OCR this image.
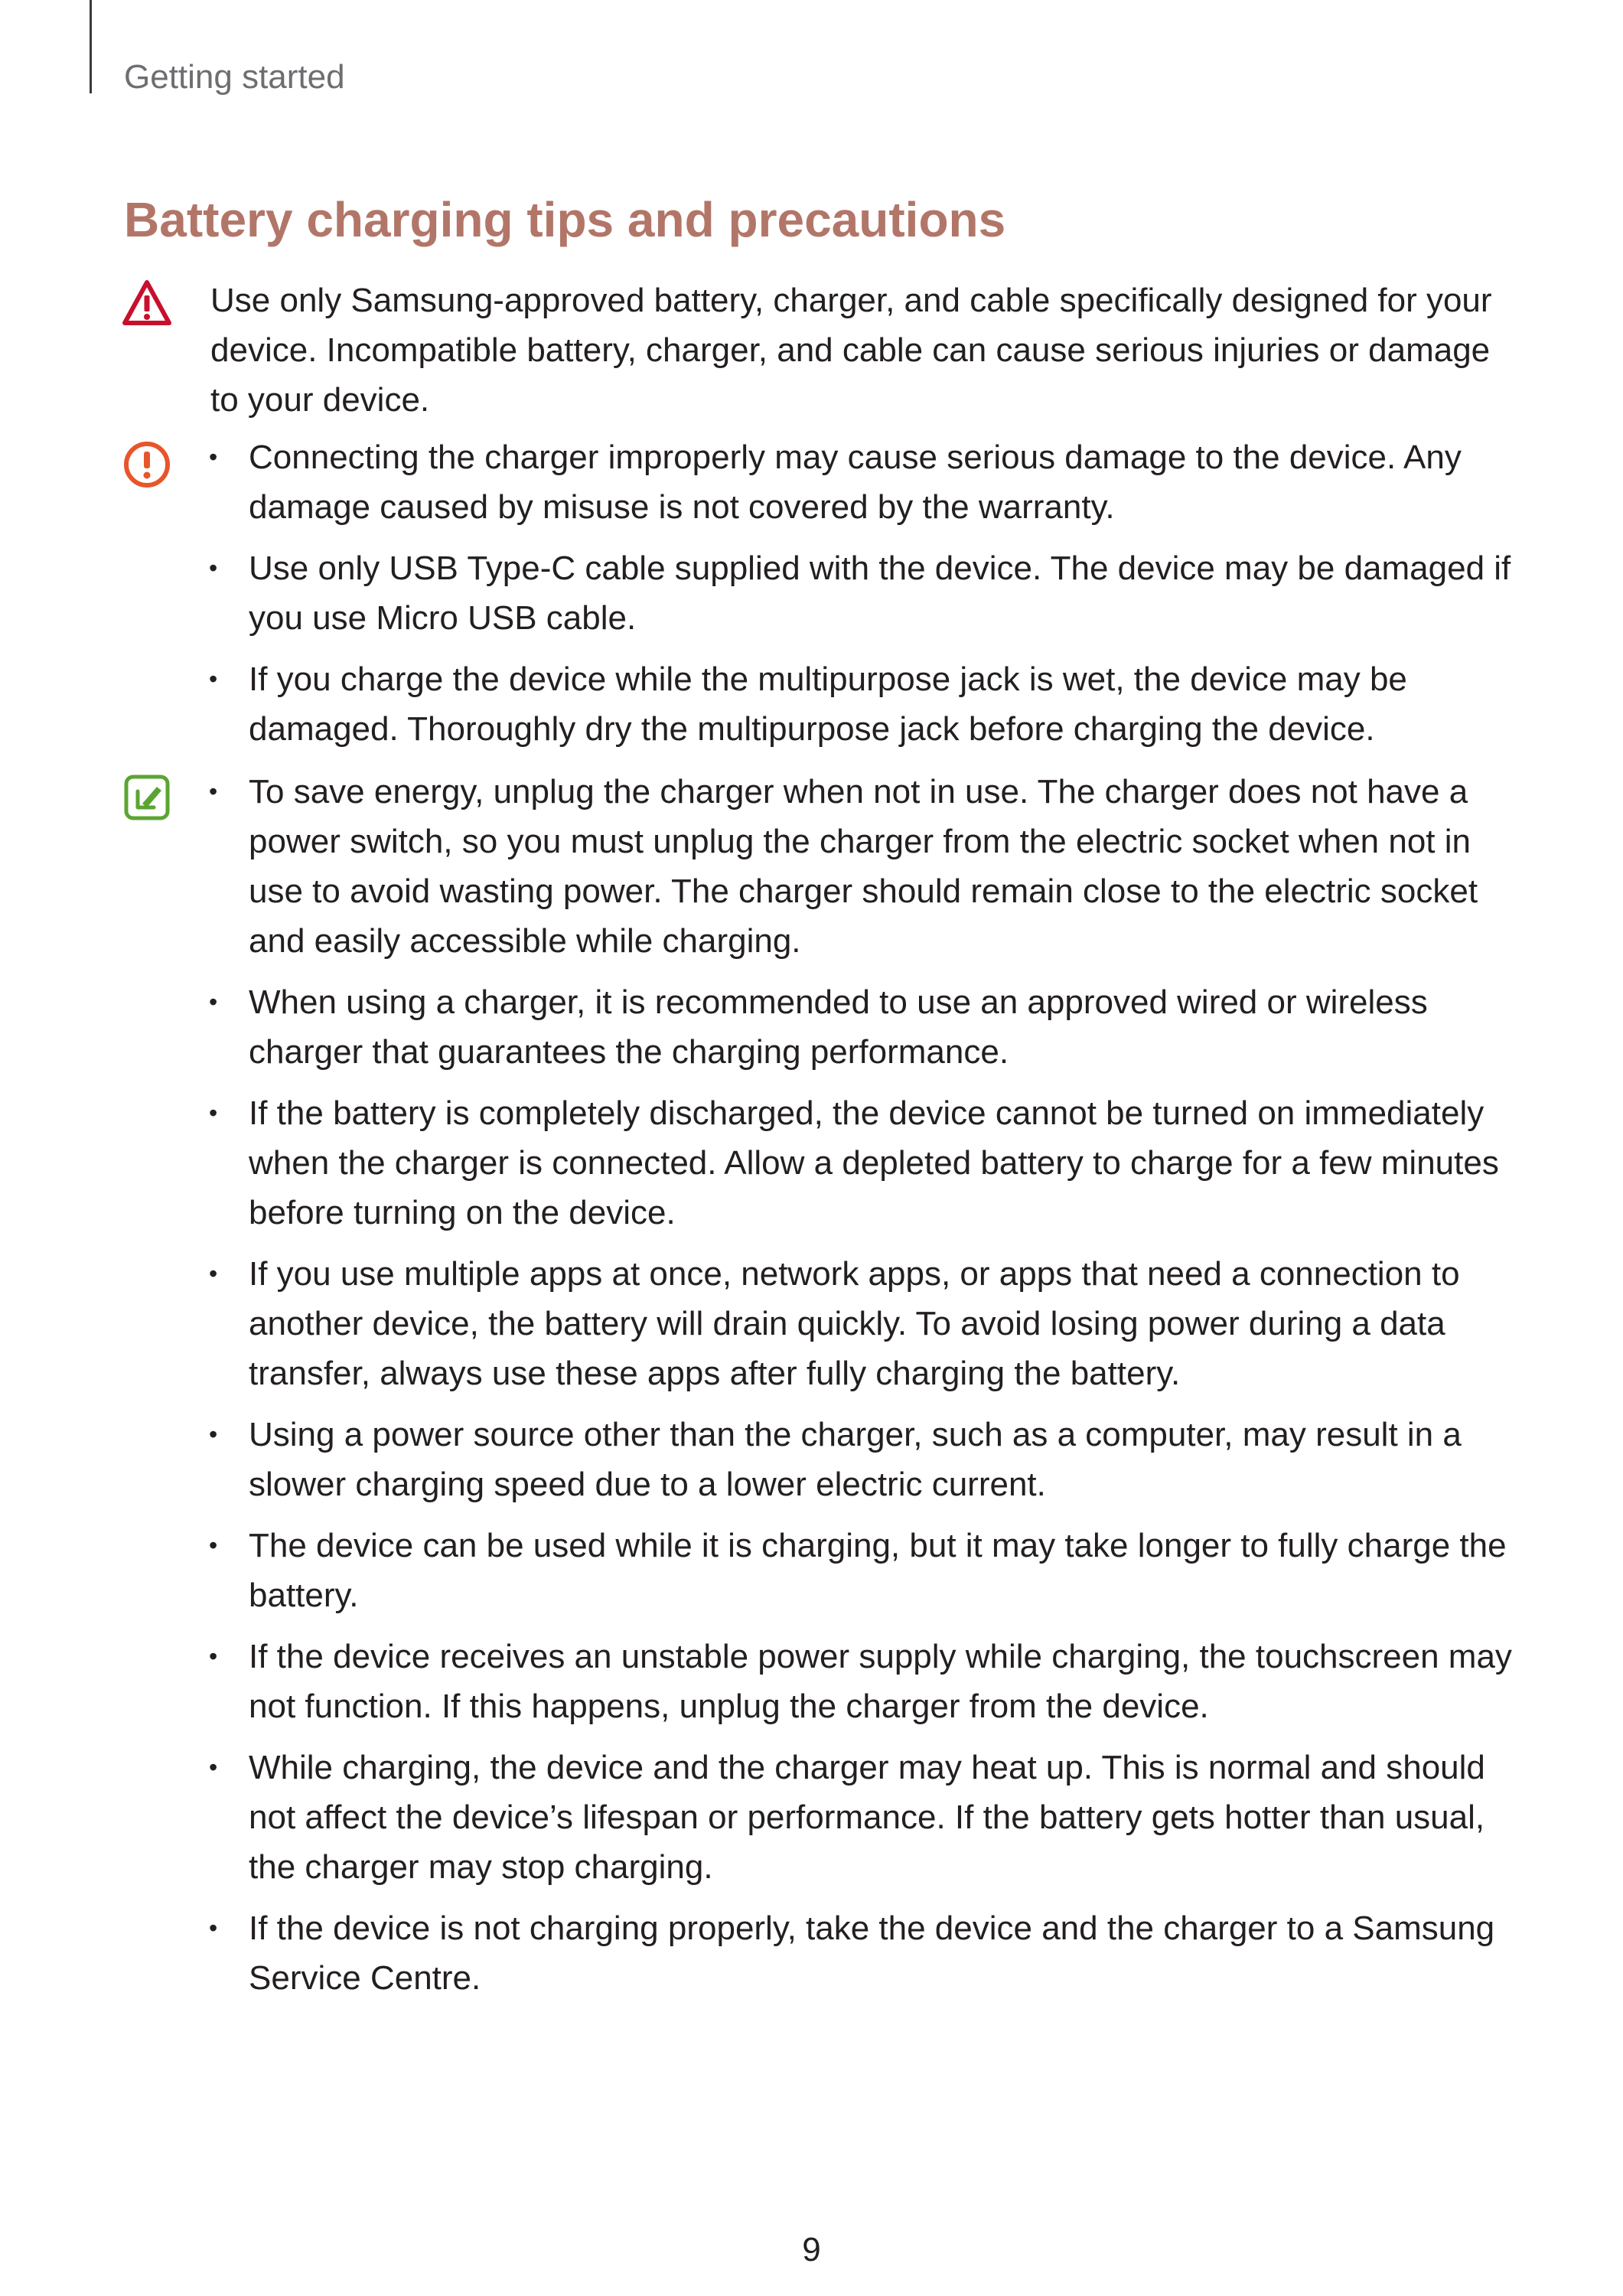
Getting started
Battery charging tips and precautions
Use only Samsung-approved battery, charger, and cable specifically designed for your device. Incompatible battery, charger, and cable can cause serious injuries or damage to your device.
• Connecting the charger improperly may cause serious damage to the device. Any damage caused by misuse is not covered by the warranty.
• Use only USB Type-C cable supplied with the device. The device may be damaged if you use Micro USB cable.
• If you charge the device while the multipurpose jack is wet, the device may be damaged. Thoroughly dry the multipurpose jack before charging the device.
• To save energy, unplug the charger when not in use. The charger does not have a power switch, so you must unplug the charger from the electric socket when not in use to avoid wasting power. The charger should remain close to the electric socket and easily accessible while charging.
• When using a charger, it is recommended to use an approved wired or wireless charger that guarantees the charging performance.
• If the battery is completely discharged, the device cannot be turned on immediately when the charger is connected. Allow a depleted battery to charge for a few minutes before turning on the device.
• If you use multiple apps at once, network apps, or apps that need a connection to another device, the battery will drain quickly. To avoid losing power during a data transfer, always use these apps after fully charging the battery.
• Using a power source other than the charger, such as a computer, may result in a slower charging speed due to a lower electric current.
• The device can be used while it is charging, but it may take longer to fully charge the battery.
• If the device receives an unstable power supply while charging, the touchscreen may not function. If this happens, unplug the charger from the device.
• While charging, the device and the charger may heat up. This is normal and should not affect the device’s lifespan or performance. If the battery gets hotter than usual, the charger may stop charging.
• If the device is not charging properly, take the device and the charger to a Samsung Service Centre.
9
